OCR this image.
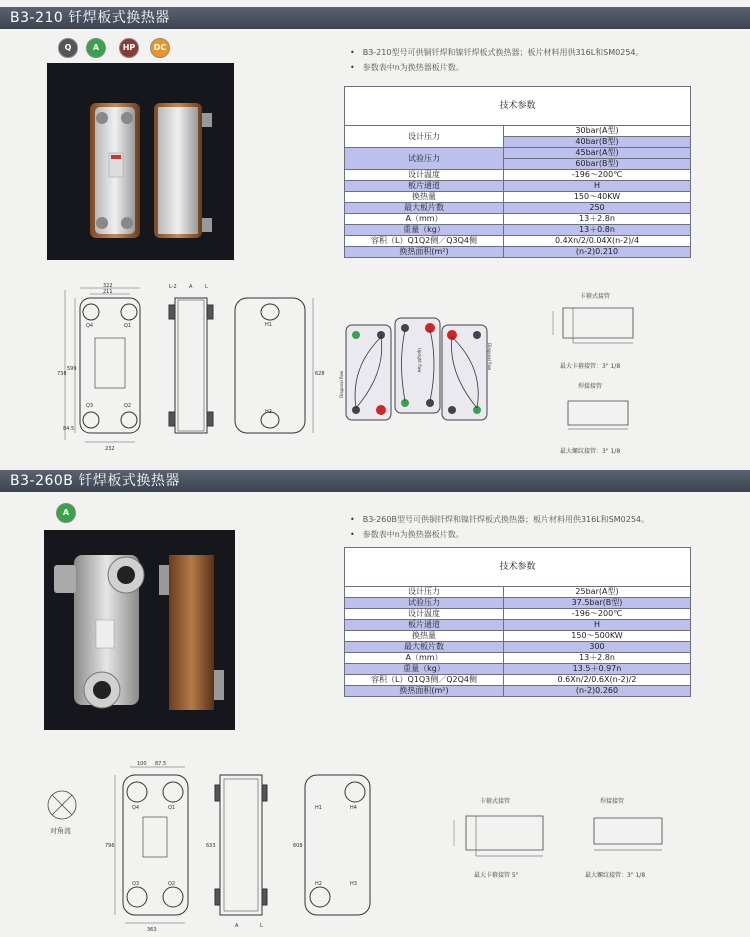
B3-210 钎焊板式换热器
Q	A	HP	DC
• B3-210型号可供铜钎焊和镍钎焊板式换热器；板片材料用供316L和SM0254。
• 参数表中n为换热器板片数。
技术参数	
设计压力	30bar(A型)
	40bar(B型)
试验压力	45bar(A型)
	60bar(B型)
设计温度	-196～200℃
板片通道	H
换热量	150～40KW
最大板片数	250
A（mm）	13＋2.8n
重量（kg）	13＋0.8n
容积（L）Q1Q2侧／Q3Q4侧	0.4Xn/2/0.04X(n-2)/4
换热面积(m²)	(n-2)0.210
322
211
738
599
84.5
232
628
Q4	Q1
Q3	Q2
H1
H2
L-2 A	L
Diagonal flow
Diagonal flow
Upright flow
卡箍式接管
最大卡箍接管：3" 1/8
焊接接管
最大螺纹接管：3" 1/8
B3-260B 钎焊板式换热器
A
• B3-260B型号可供铜钎焊和镍钎焊板式换热器；板片材料用供316L和SM0254。
• 参数表中n为换热器板片数。
技术参数	
设计压力	25bar(A型)
试验压力	37.5bar(B型)
设计温度	-196～200℃
板片通道	H
换热量	150～500KW
最大板片数	300
A（mm）	13＋2.8n
重量（kg）	13.5＋0.97n
容积（L）Q1Q3侧／Q2Q4侧	0.6Xn/2/0.6X(n-2)/2
换热面积(m²)	(n-2)0.260
对角流
100 87.5
796	633	608
363
Q4	Q1
Q3	Q2
H1	H4
H2	H3
A	L
卡箍式接管
最大卡箍接管 5"
焊接接管
最大螺纹接管：3" 1/8
